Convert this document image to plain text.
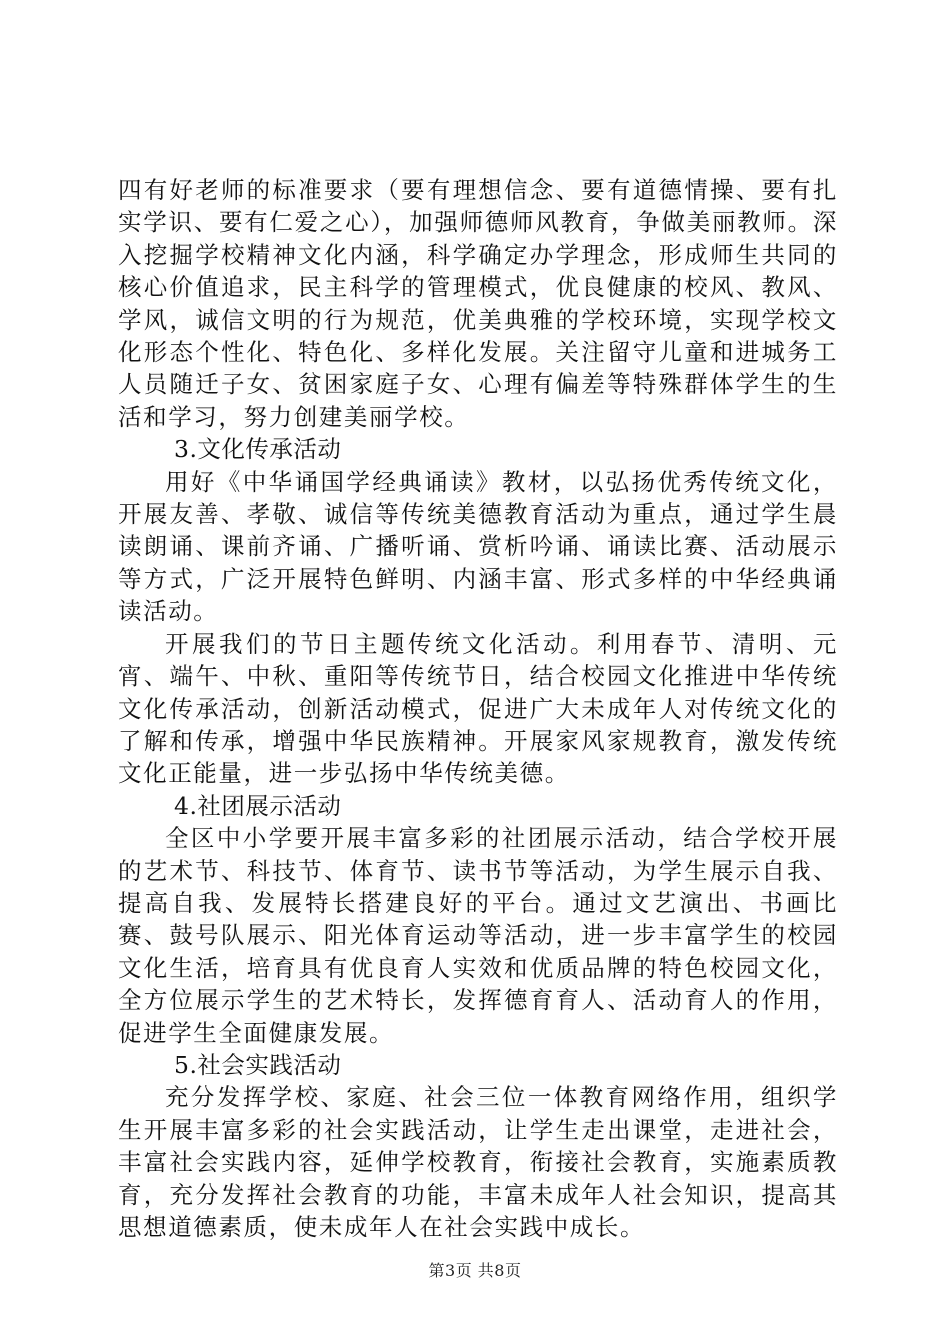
四有好老师的标准要求（要有理想信念、要有道德情操、要有扎实学识、要有仁爱之心），加强师德师风教育，争做美丽教师。深入挖掘学校精神文化内涵，科学确定办学理念，形成师生共同的核心价值追求，民主科学的管理模式，优良健康的校风、教风、学风，诚信文明的行为规范，优美典雅的学校环境，实现学校文化形态个性化、特色化、多样化发展。关注留守儿童和进城务工人员随迁子女、贫困家庭子女、心理有偏差等特殊群体学生的生活和学习，努力创建美丽学校。

3.文化传承活动

用好《中华诵国学经典诵读》教材，以弘扬优秀传统文化，开展友善、孝敬、诚信等传统美德教育活动为重点，通过学生晨读朗诵、课前齐诵、广播听诵、赏析吟诵、诵读比赛、活动展示等方式，广泛开展特色鲜明、内涵丰富、形式多样的中华经典诵读活动。

开展我们的节日主题传统文化活动。利用春节、清明、元宵、端午、中秋、重阳等传统节日，结合校园文化推进中华传统文化传承活动，创新活动模式，促进广大未成年人对传统文化的了解和传承，增强中华民族精神。开展家风家规教育，激发传统文化正能量，进一步弘扬中华传统美德。

4.社团展示活动

全区中小学要开展丰富多彩的社团展示活动，结合学校开展的艺术节、科技节、体育节、读书节等活动，为学生展示自我、提高自我、发展特长搭建良好的平台。通过文艺演出、书画比赛、鼓号队展示、阳光体育运动等活动，进一步丰富学生的校园文化生活，培育具有优良育人实效和优质品牌的特色校园文化，全方位展示学生的艺术特长，发挥德育育人、活动育人的作用，促进学生全面健康发展。

5.社会实践活动

充分发挥学校、家庭、社会三位一体教育网络作用，组织学生开展丰富多彩的社会实践活动，让学生走出课堂，走进社会，丰富社会实践内容，延伸学校教育，衔接社会教育，实施素质教育，充分发挥社会教育的功能，丰富未成年人社会知识，提高其思想道德素质，使未成年人在社会实践中成长。

第3页 共8页
